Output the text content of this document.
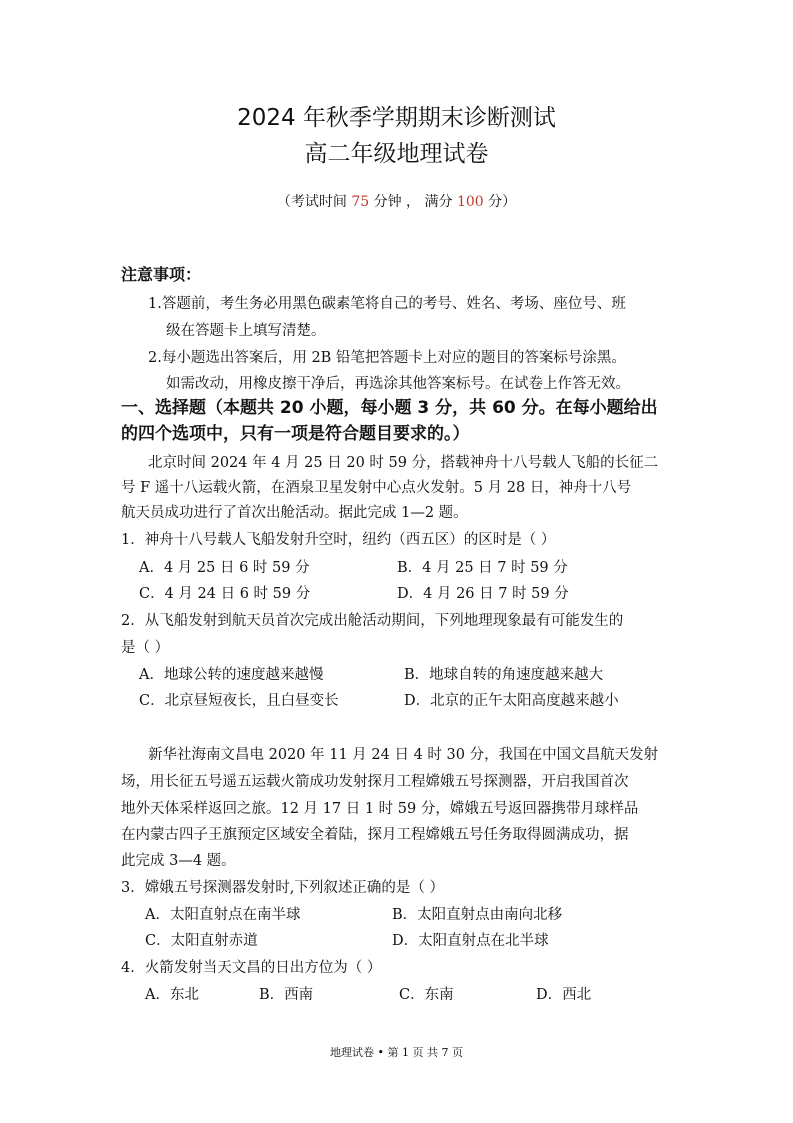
2024 年秋季学期期末诊断测试
高二年级地理试卷
（考试时间 75 分钟 ， 满分 100 分）
注意事项：
1.答题前，考生务必用黑色碳素笔将自己的考号、姓名、考场、座位号、班
级在答题卡上填写清楚。
2.每小题选出答案后，用 2B 铅笔把答题卡上对应的题目的答案标号涂黑。
如需改动，用橡皮擦干净后，再选涂其他答案标号。在试卷上作答无效。
一、选择题（本题共 20 小题，每小题 3 分，共 60 分。在每小题给出
的四个选项中，只有一项是符合题目要求的。）
北京时间 2024 年 4 月 25 日 20 时 59 分，搭载神舟十八号载人飞船的长征二
号 F 遥十八运载火箭，在酒泉卫星发射中心点火发射。5 月 28 日，神舟十八号
航天员成功进行了首次出舱活动。据此完成 1—2 题。
1．神舟十八号载人飞船发射升空时，纽约（西五区）的区时是（ ）
A．4 月 25 日 6 时 59 分	B．4 月 25 日 7 时 59 分
C．4 月 24 日 6 时 59 分	D．4 月 26 日 7 时 59 分
2．从飞船发射到航天员首次完成出舱活动期间，下列地理现象最有可能发生的
是（ ）
A．地球公转的速度越来越慢	B．地球自转的角速度越来越大
C．北京昼短夜长，且白昼变长	D．北京的正午太阳高度越来越小
新华社海南文昌电 2020 年 11 月 24 日 4 时 30 分，我国在中国文昌航天发射
场，用长征五号遥五运载火箭成功发射探月工程嫦娥五号探测器，开启我国首次
地外天体采样返回之旅。12 月 17 日 1 时 59 分，嫦娥五号返回器携带月球样品
在内蒙古四子王旗预定区域安全着陆，探月工程嫦娥五号任务取得圆满成功，据
此完成 3—4 题。
3．嫦娥五号探测器发射时,下列叙述正确的是（ ）
A．太阳直射点在南半球	B．太阳直射点由南向北移
C．太阳直射赤道	D．太阳直射点在北半球
4．火箭发射当天文昌的日出方位为（ ）
A．东北	B．西南	C．东南	D．西北
地理试卷 • 第 1 页 共 7 页
